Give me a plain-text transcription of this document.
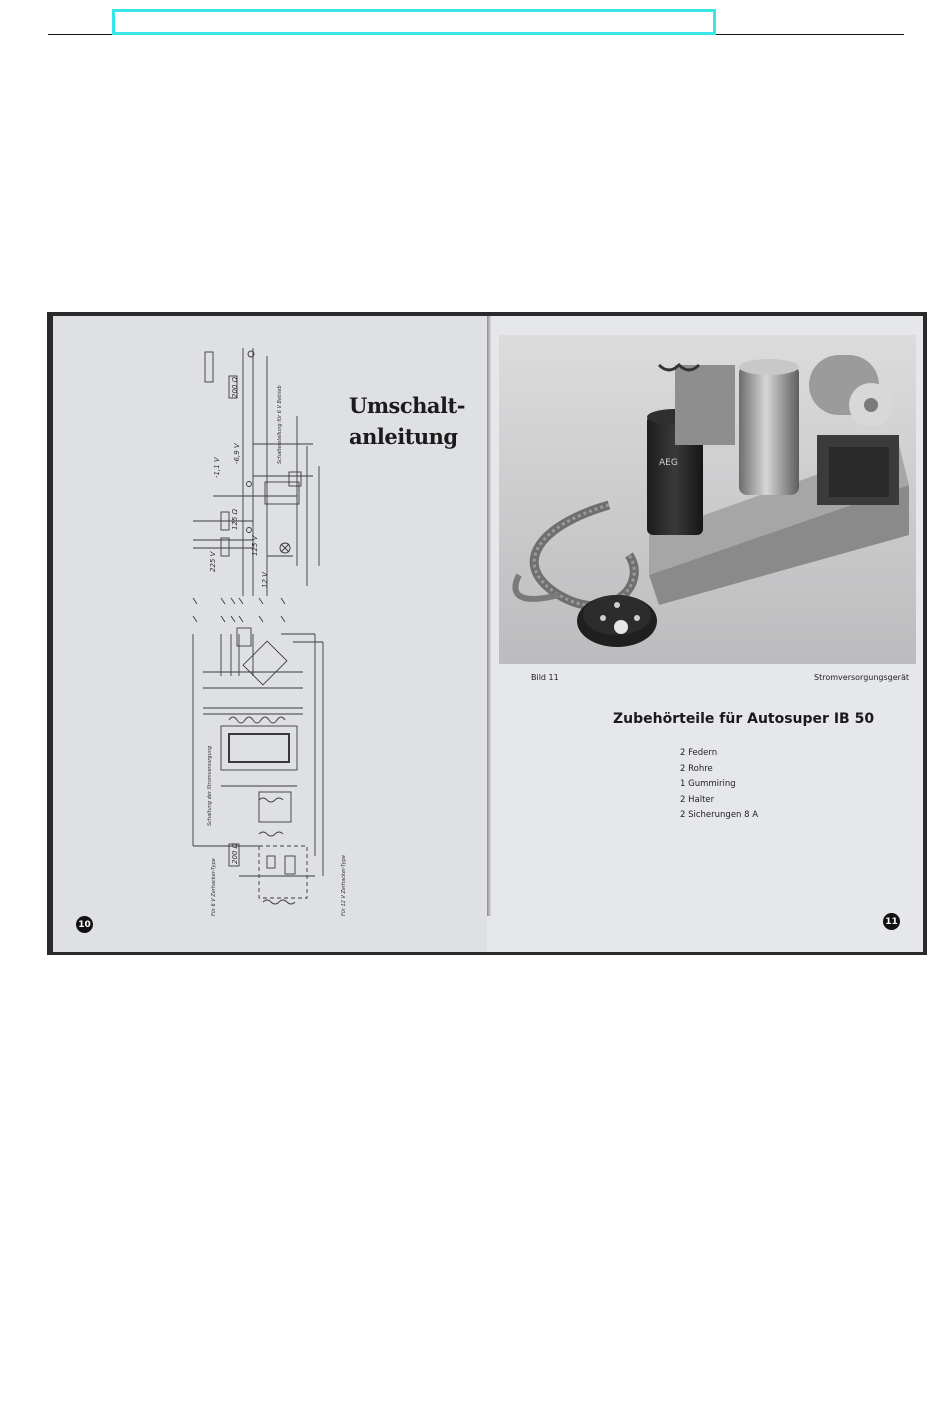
-1,1 V
-6,9 V
225 V
12 V
125 V
125 Ω
200 Ω
200 Ω
Schaltung der Stromversorgung
Für 6 V Zerhacker-Type	Für 12 V Zerhacker-Type
Schalterstellung für 6 V Betrieb	Umschalt-
anleitung
10
AEG
Bild 11	Stromversorgungsgerät
Zubehörteile für Autosuper IB 50
2 Federn
2 Rohre
1 Gummiring
2 Halter
2 Sicherungen 8 A
11
